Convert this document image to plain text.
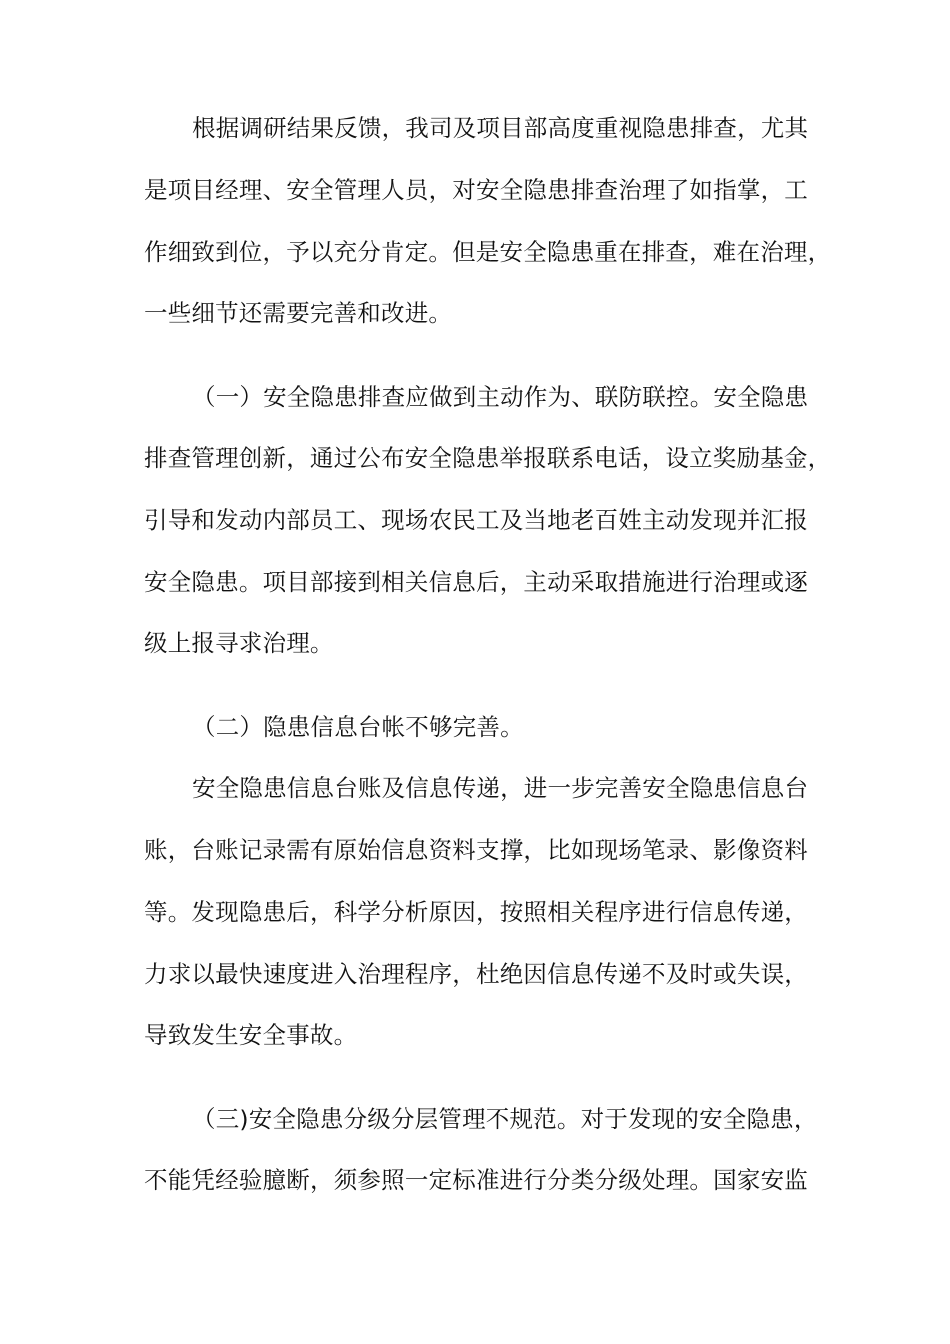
根据调研结果反馈，我司及项目部高度重视隐患排查，尤其
是项目经理、安全管理人员，对安全隐患排查治理了如指掌，工
作细致到位，予以充分肯定。但是安全隐患重在排查，难在治理，
一些细节还需要完善和改进。
（一）安全隐患排查应做到主动作为、联防联控。安全隐患
排查管理创新，通过公布安全隐患举报联系电话，设立奖励基金，
引导和发动内部员工、现场农民工及当地老百姓主动发现并汇报
安全隐患。项目部接到相关信息后，主动采取措施进行治理或逐
级上报寻求治理。
（二）隐患信息台帐不够完善。
安全隐患信息台账及信息传递，进一步完善安全隐患信息台
账，台账记录需有原始信息资料支撑，比如现场笔录、影像资料
等。发现隐患后，科学分析原因，按照相关程序进行信息传递，
力求以最快速度进入治理程序，杜绝因信息传递不及时或失误，
导致发生安全事故。
（三)安全隐患分级分层管理不规范。对于发现的安全隐患，
不能凭经验臆断，须参照一定标准进行分类分级处理。国家安监
